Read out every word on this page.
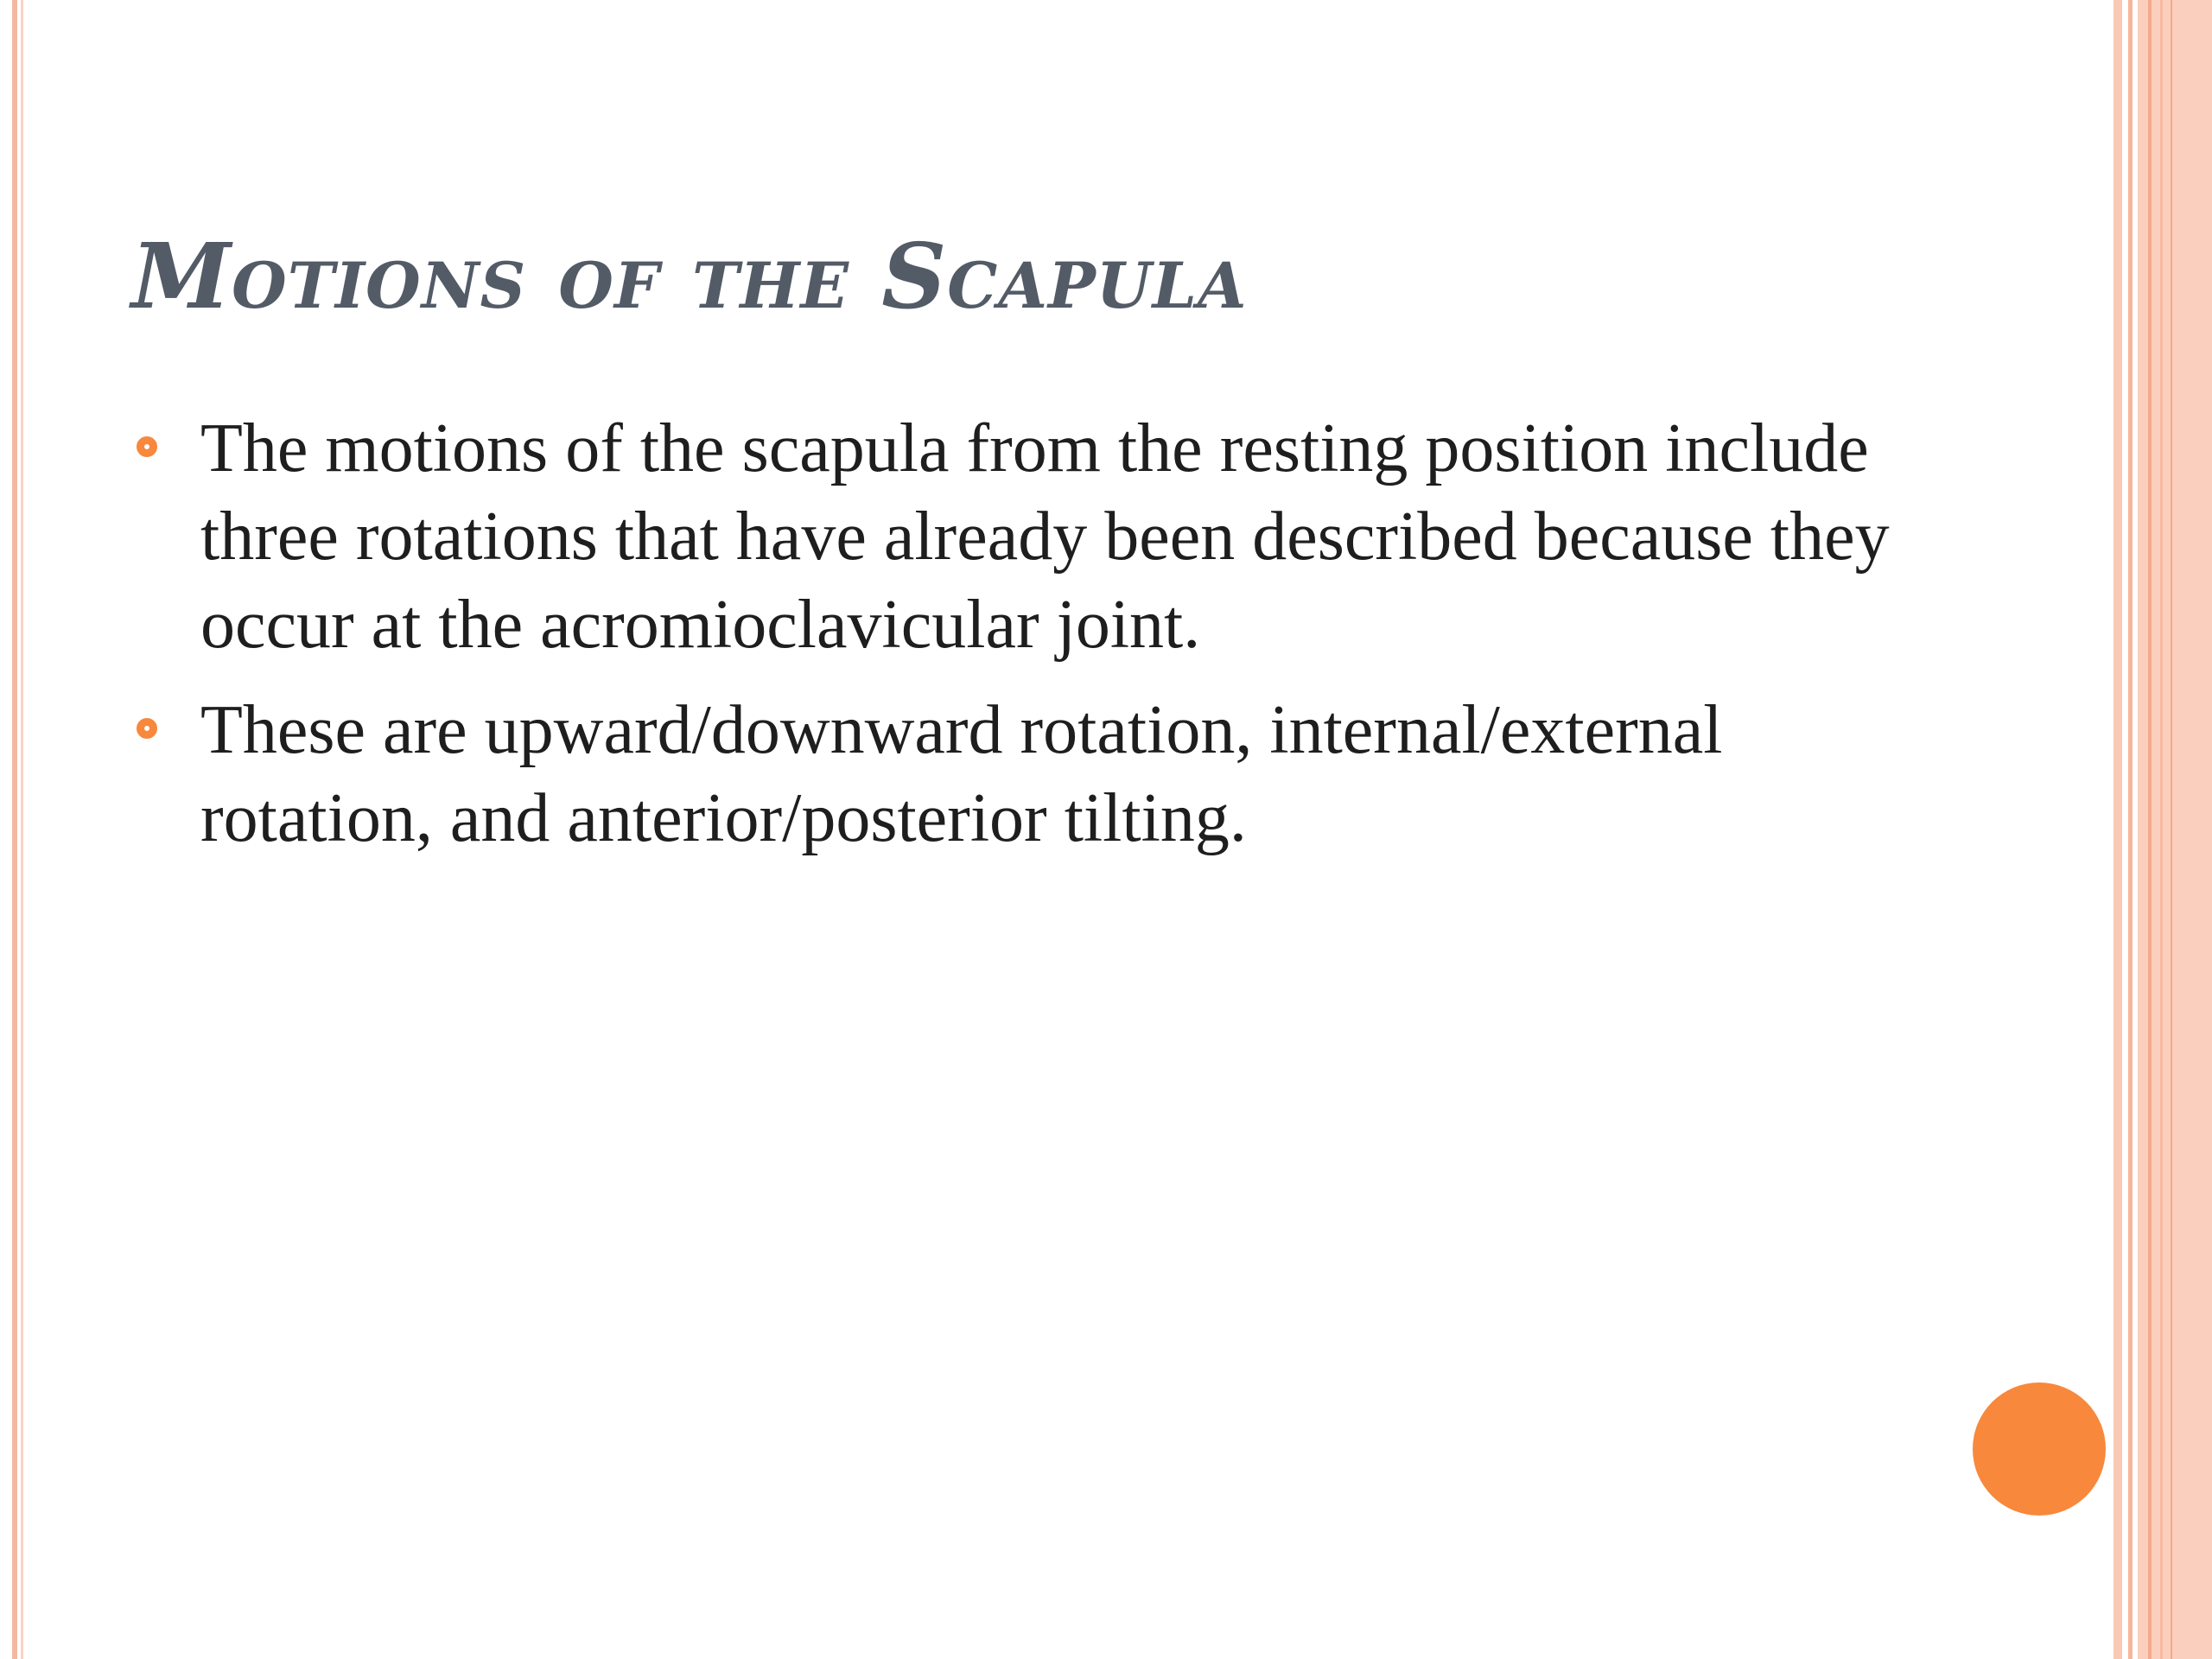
Motions of the Scapula
The motions of the scapula from the resting position include three rotations that have already been described because they occur at the acromioclavicular joint.
These are upward/downward rotation, internal/external rotation, and anterior/posterior tilting.
